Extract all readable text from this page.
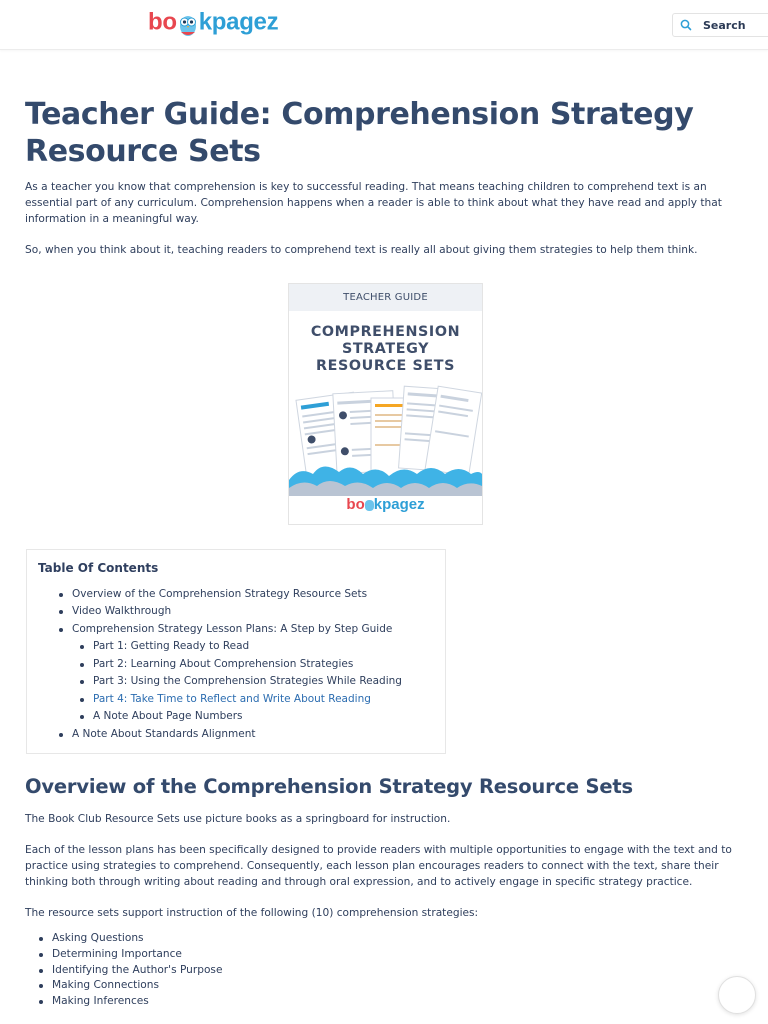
bo kpagez
Search
Teacher Guide: Comprehension Strategy Resource Sets

As a teacher you know that comprehension is key to successful reading. That means teaching children to comprehend text is an essential part of any curriculum. Comprehension happens when a reader is able to think about what they have read and apply that information in a meaningful way.

So, when you think about it, teaching readers to comprehend text is really all about giving them strategies to help them think.

TEACHER GUIDE
COMPREHENSION
STRATEGY
RESOURCE SETS
bo kpagez
Table Of Contents
Overview of the Comprehension Strategy Resource Sets
Video Walkthrough
Comprehension Strategy Lesson Plans: A Step by Step Guide
Part 1: Getting Ready to Read
Part 2: Learning About Comprehension Strategies
Part 3: Using the Comprehension Strategies While Reading
Part 4: Take Time to Reflect and Write About Reading
A Note About Page Numbers
A Note About Standards Alignment
Overview of the Comprehension Strategy Resource Sets

The Book Club Resource Sets use picture books as a springboard for instruction.

Each of the lesson plans has been specifically designed to provide readers with multiple opportunities to engage with the text and to practice using strategies to comprehend. Consequently, each lesson plan encourages readers to connect with the text, share their thinking both through writing about reading and through oral expression, and to actively engage in specific strategy practice.

The resource sets support instruction of the following (10) comprehension strategies:

Asking Questions
Determining Importance
Identifying the Author's Purpose
Making Connections
Making Inferences
